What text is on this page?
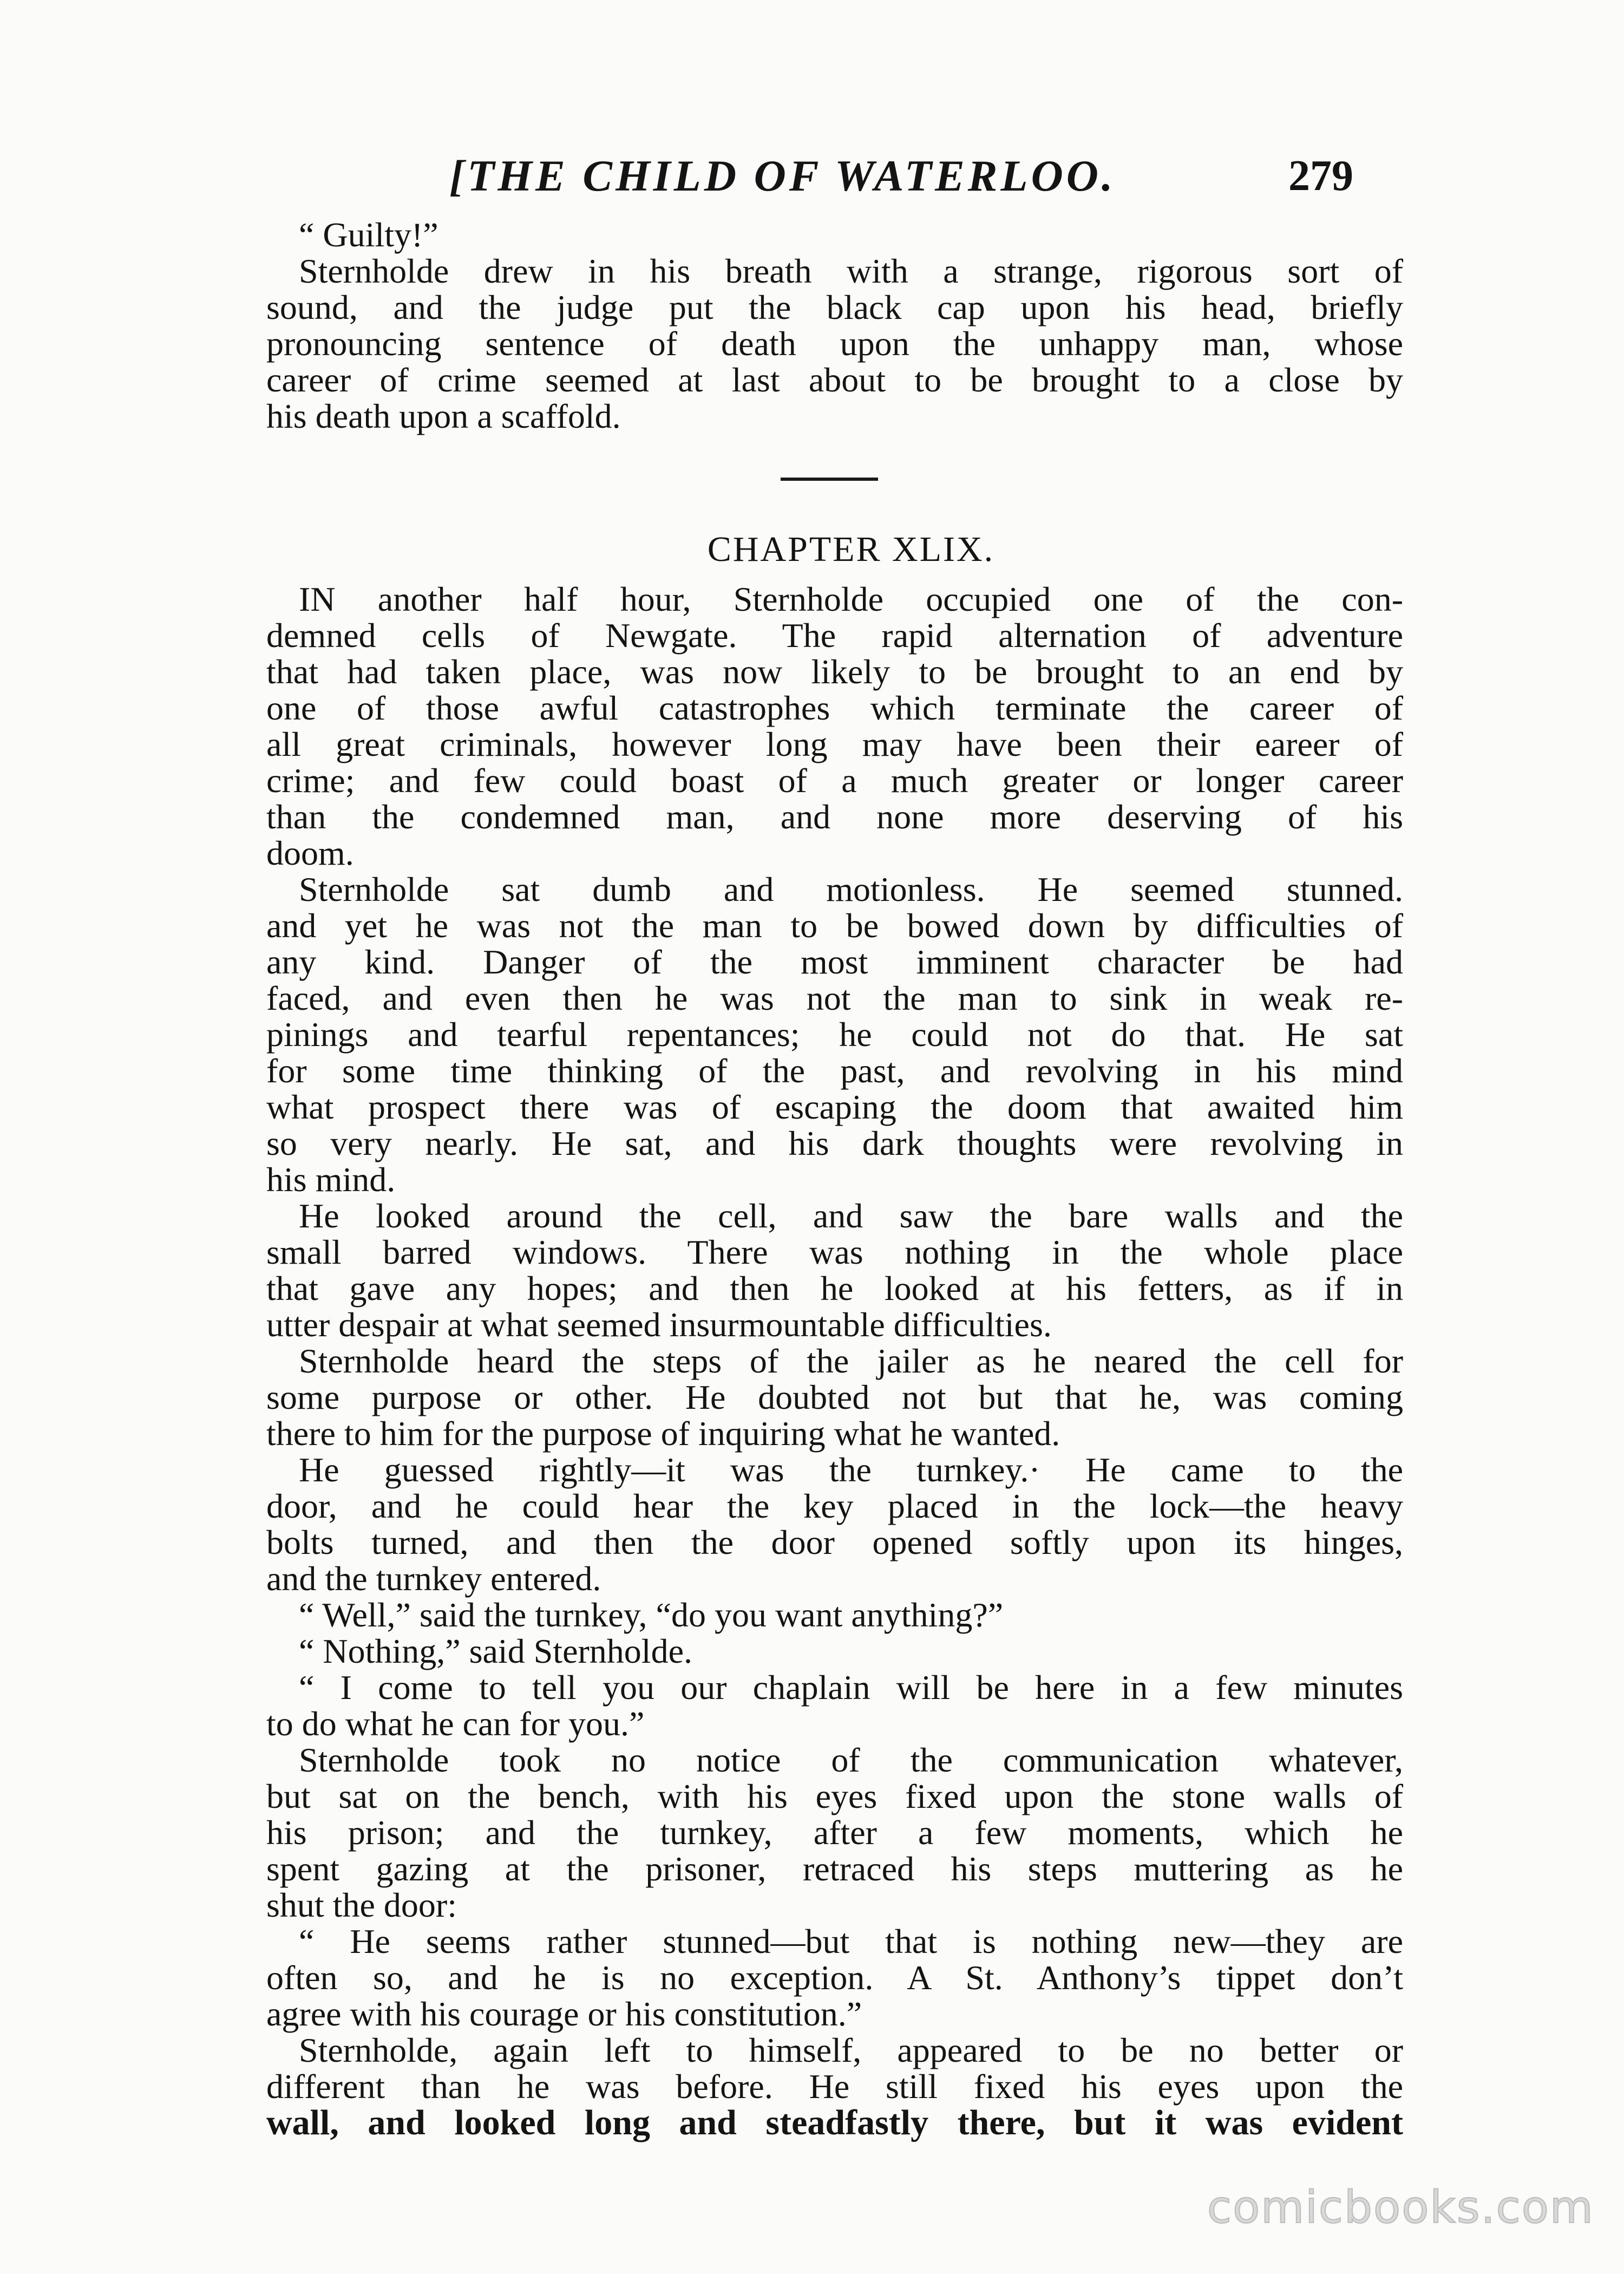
[THE CHILD OF WATERLOO.	279
“ Guilty!”
Sternholde drew in his breath with a strange, rigorous sort of
sound, and the judge put the black cap upon his head, briefly
pronouncing sentence of death upon the unhappy man, whose
career of crime seemed at last about to be brought to a close by
his death upon a scaffold.
CHAPTER XLIX.
IN another half hour, Sternholde occupied one of the con-
demned cells of Newgate. The rapid alternation of adventure
that had taken place, was now likely to be brought to an end by
one of those awful catastrophes which terminate the career of
all great criminals, however long may have been their eareer of
crime; and few could boast of a much greater or longer career
than the condemned man, and none more deserving of his
doom.
Sternholde sat dumb and motionless. He seemed stunned.
and yet he was not the man to be bowed down by difficulties of
any kind. Danger of the most imminent character be had
faced, and even then he was not the man to sink in weak re-
pinings and tearful repentances; he could not do that. He sat
for some time thinking of the past, and revolving in his mind
what prospect there was of escaping the doom that awaited him
so very nearly. He sat, and his dark thoughts were revolving in
his mind.
He looked around the cell, and saw the bare walls and the
small barred windows. There was nothing in the whole place
that gave any hopes; and then he looked at his fetters, as if in
utter despair at what seemed insurmountable difficulties.
Sternholde heard the steps of the jailer as he neared the cell for
some purpose or other. He doubted not but that he, was coming
there to him for the purpose of inquiring what he wanted.
He guessed rightly—it was the turnkey.· He came to the
door, and he could hear the key placed in the lock—the heavy
bolts turned, and then the door opened softly upon its hinges,
and the turnkey entered.
“ Well,” said the turnkey, “do you want anything?”
“ Nothing,” said Sternholde.
“ I come to tell you our chaplain will be here in a few minutes
to do what he can for you.”
Sternholde took no notice of the communication whatever,
but sat on the bench, with his eyes fixed upon the stone walls of
his prison; and the turnkey, after a few moments, which he
spent gazing at the prisoner, retraced his steps muttering as he
shut the door:
“ He seems rather stunned—but that is nothing new—they are
often so, and he is no exception. A St. Anthony’s tippet don’t
agree with his courage or his constitution.”
Sternholde, again left to himself, appeared to be no better or
different than he was before. He still fixed his eyes upon the
wall, and looked long and steadfastly there, but it was evident
comicbooks.com
